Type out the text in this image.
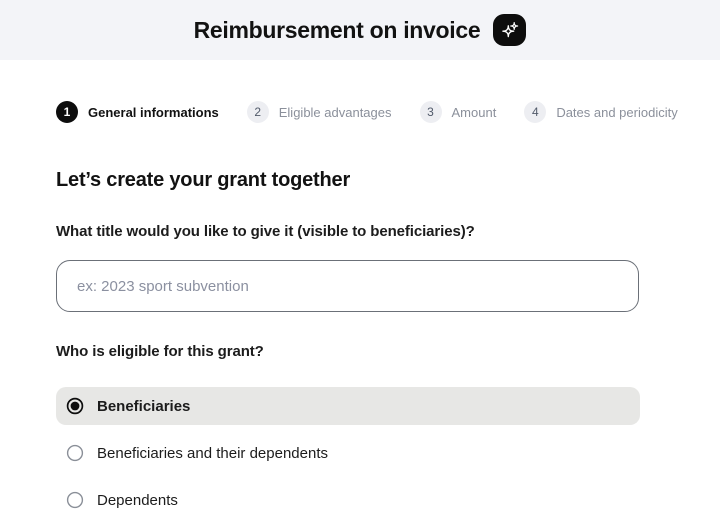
Reimbursement on invoice
1	General informations	2	Eligible advantages	3	Amount	4	Dates and periodicity
Let’s create your grant together
What title would you like to give it (visible to beneficiaries)?
ex: 2023 sport subvention
Who is eligible for this grant?
Beneficiaries
Beneficiaries and their dependents
Dependents
